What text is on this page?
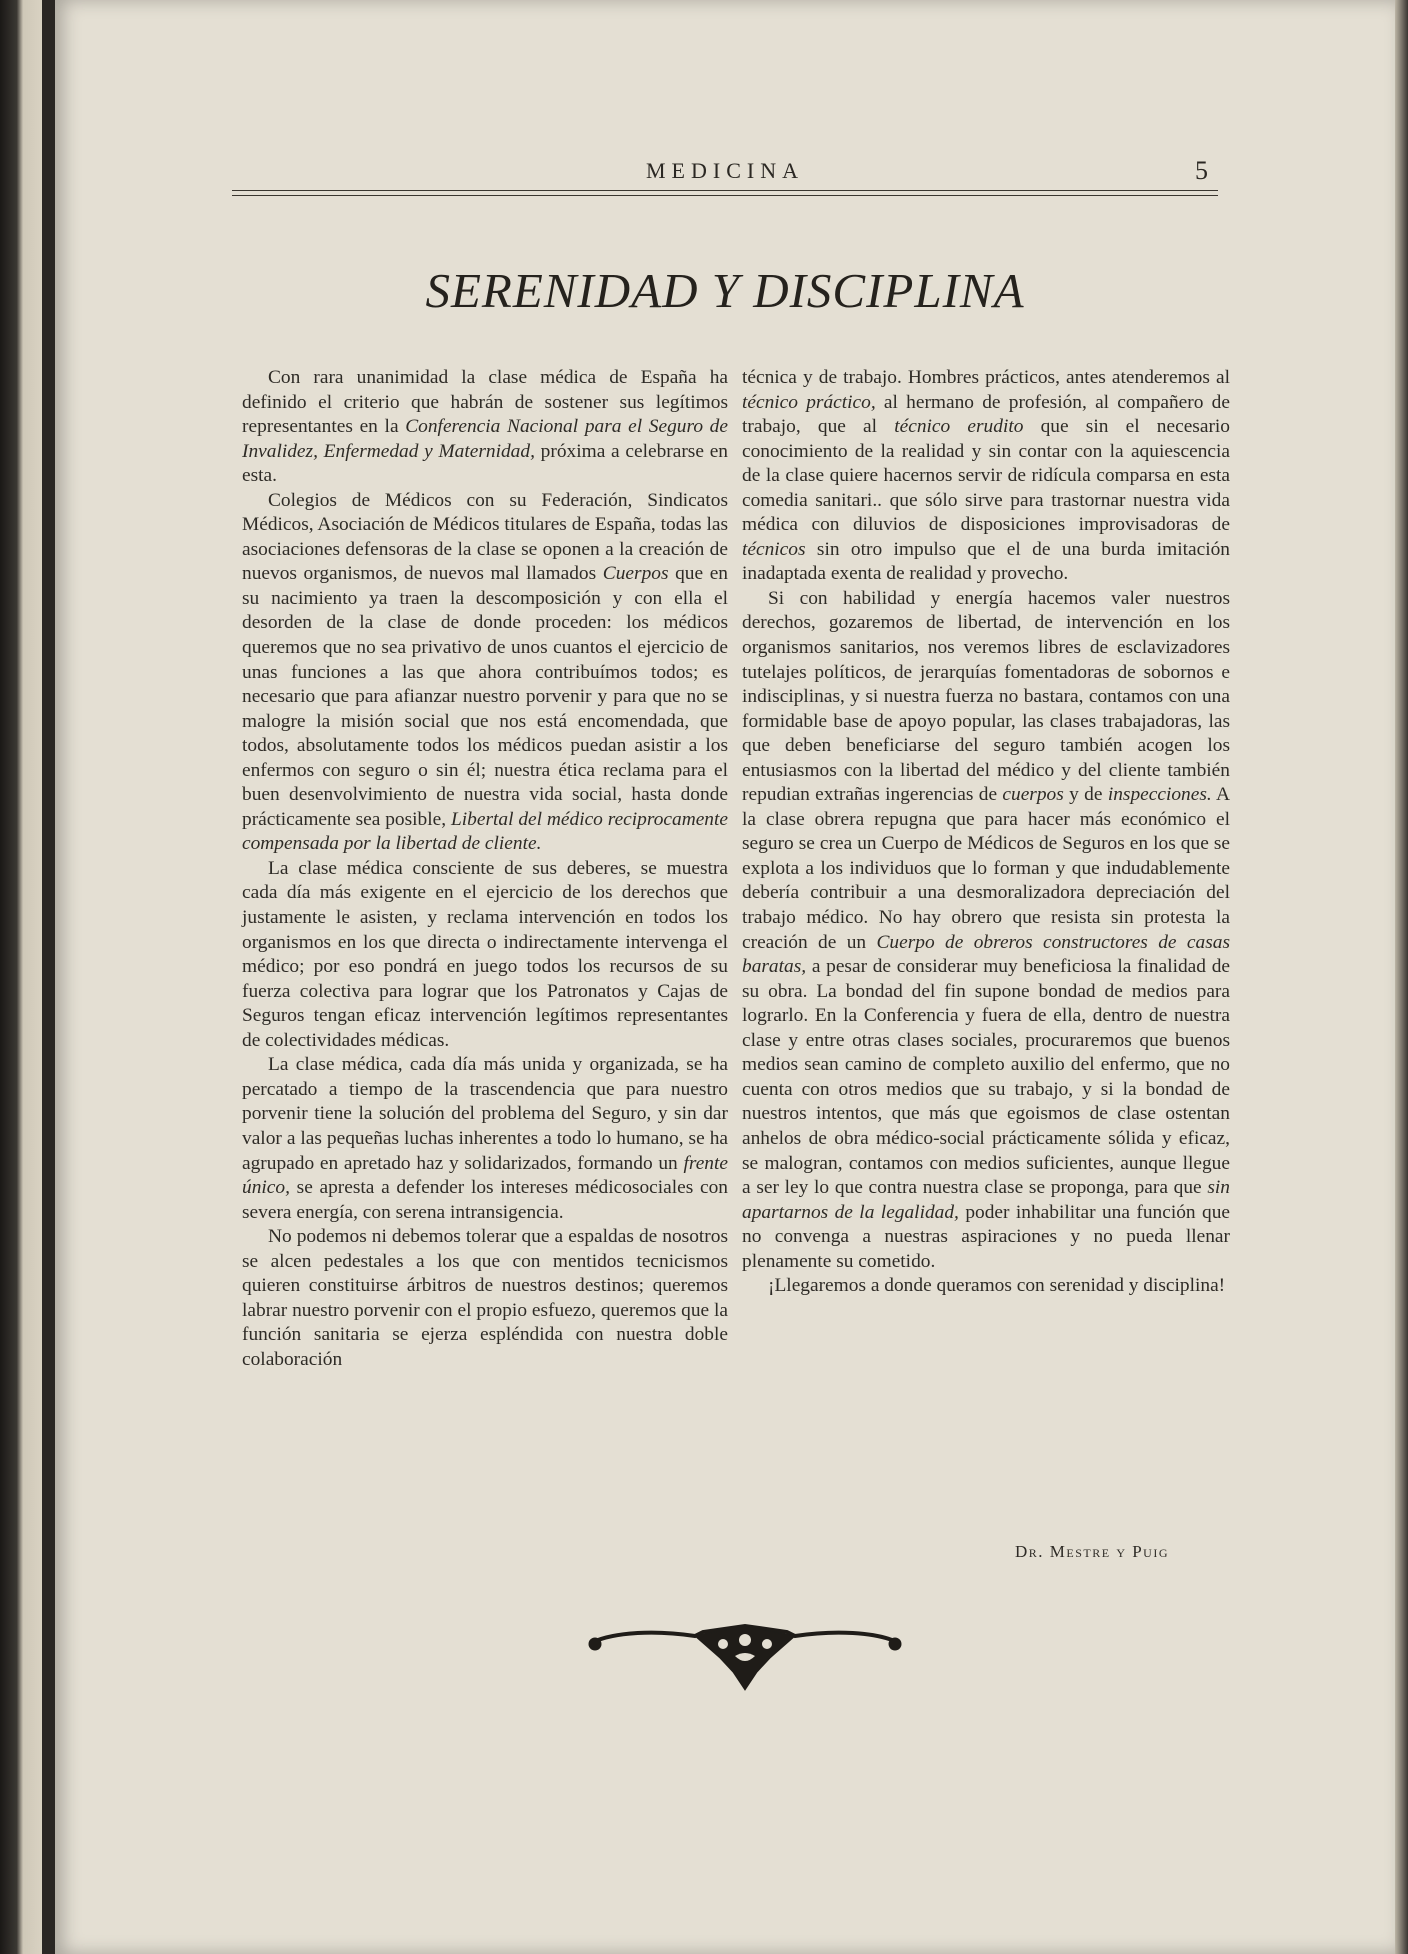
MEDICINA	5
SERENIDAD Y DISCIPLINA

Con rara unanimidad la clase médica de España ha definido el criterio que habrán de sostener sus legítimos representantes en la Conferencia Nacional para el Seguro de Invalidez, Enfermedad y Maternidad, próxima a celebrarse en esta.

Colegios de Médicos con su Federación, Sindicatos Médicos, Asociación de Médicos titulares de España, todas las asociaciones defensoras de la clase se oponen a la creación de nuevos organismos, de nuevos mal llamados Cuerpos que en su nacimiento ya traen la descomposición y con ella el desorden de la clase de donde proceden: los médicos queremos que no sea privativo de unos cuantos el ejercicio de unas funciones a las que ahora contribuímos todos; es necesario que para afianzar nuestro porvenir y para que no se malogre la misión social que nos está encomendada, que todos, absolutamente todos los médicos puedan asistir a los enfermos con seguro o sin él; nuestra ética reclama para el buen desenvolvimiento de nuestra vida social, hasta donde prácticamente sea posible, Libertal del médico reciprocamente compensada por la libertad de cliente.

La clase médica consciente de sus deberes, se muestra cada día más exigente en el ejercicio de los derechos que justamente le asisten, y reclama intervención en todos los organismos en los que directa o indirectamente intervenga el médico; por eso pondrá en juego todos los recursos de su fuerza colectiva para lograr que los Patronatos y Cajas de Seguros tengan eficaz intervención legítimos representantes de colectividades médicas.

La clase médica, cada día más unida y organizada, se ha percatado a tiempo de la trascendencia que para nuestro porvenir tiene la solución del problema del Seguro, y sin dar valor a las pequeñas luchas inherentes a todo lo humano, se ha agrupado en apretado haz y solidarizados, formando un frente único, se apresta a defender los intereses médicosociales con severa energía, con serena intransigencia.

No podemos ni debemos tolerar que a espaldas de nosotros se alcen pedestales a los que con mentidos tecnicismos quieren constituirse árbitros de nuestros destinos; queremos labrar nuestro porvenir con el propio esfuezo, queremos que la función sanitaria se ejerza espléndida con nuestra doble colaboración

técnica y de trabajo. Hombres prácticos, antes atenderemos al técnico práctico, al hermano de profesión, al compañero de trabajo, que al técnico erudito que sin el necesario conocimiento de la realidad y sin contar con la aquiescencia de la clase quiere hacernos servir de ridícula comparsa en esta comedia sanitari.. que sólo sirve para trastornar nuestra vida médica con diluvios de disposiciones improvisadoras de técnicos sin otro impulso que el de una burda imitación inadaptada exenta de realidad y provecho.

Si con habilidad y energía hacemos valer nuestros derechos, gozaremos de libertad, de intervención en los organismos sanitarios, nos veremos libres de esclavizadores tutelajes políticos, de jerarquías fomentadoras de sobornos e indisciplinas, y si nuestra fuerza no bastara, contamos con una formidable base de apoyo popular, las clases trabajadoras, las que deben beneficiarse del seguro también acogen los entusiasmos con la libertad del médico y del cliente también repudian extrañas ingerencias de cuerpos y de inspecciones. A la clase obrera repugna que para hacer más económico el seguro se crea un Cuerpo de Médicos de Seguros en los que se explota a los individuos que lo forman y que indudablemente debería contribuir a una desmoralizadora depreciación del trabajo médico. No hay obrero que resista sin protesta la creación de un Cuerpo de obreros constructores de casas baratas, a pesar de considerar muy beneficiosa la finalidad de su obra. La bondad del fin supone bondad de medios para lograrlo. En la Conferencia y fuera de ella, dentro de nuestra clase y entre otras clases sociales, procuraremos que buenos medios sean camino de completo auxilio del enfermo, que no cuenta con otros medios que su trabajo, y si la bondad de nuestros intentos, que más que egoismos de clase ostentan anhelos de obra médico-social prácticamente sólida y eficaz, se malogran, contamos con medios suficientes, aunque llegue a ser ley lo que contra nuestra clase se proponga, para que sin apartarnos de la legalidad, poder inhabilitar una función que no convenga a nuestras aspiraciones y no pueda llenar plenamente su cometido.

¡Llegaremos a donde queramos con serenidad y disciplina!

Dr. Mestre y Puig
